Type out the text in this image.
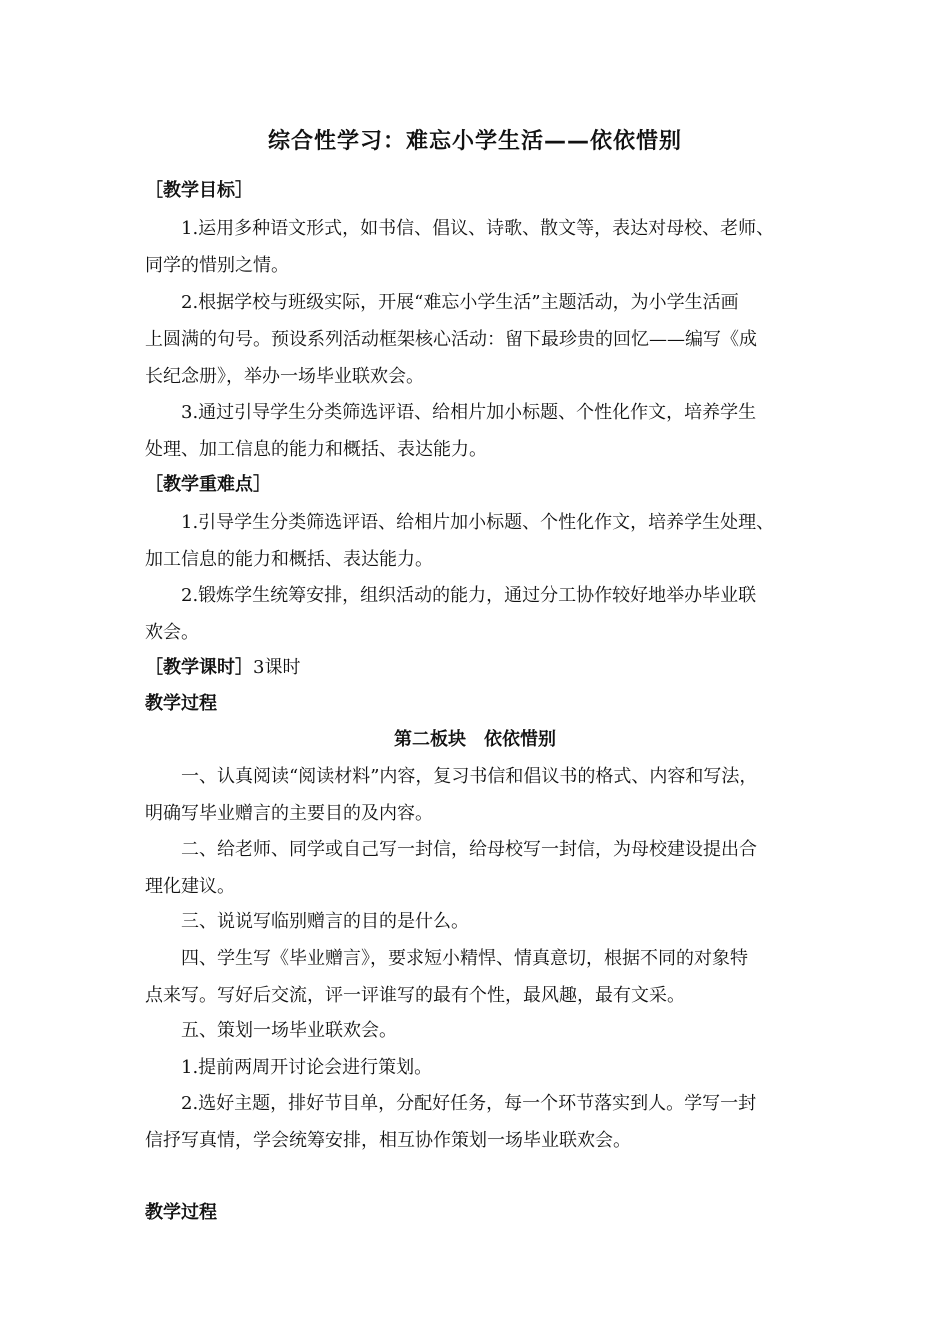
综合性学习：难忘小学生活——依依惜别
［教学目标］
1.运用多种语文形式，如书信、倡议、诗歌、散文等，表达对母校、老师、
同学的惜别之情。
2.根据学校与班级实际，开展“难忘小学生活”主题活动，为小学生活画
上圆满的句号。预设系列活动框架核心活动：留下最珍贵的回忆——编写《成
长纪念册》，举办一场毕业联欢会。
3.通过引导学生分类筛选评语、给相片加小标题、个性化作文，培养学生
处理、加工信息的能力和概括、表达能力。
［教学重难点］
1.引导学生分类筛选评语、给相片加小标题、个性化作文，培养学生处理、
加工信息的能力和概括、表达能力。
2.锻炼学生统筹安排，组织活动的能力，通过分工协作较好地举办毕业联
欢会。
［教学课时］3课时
教学过程
第二板块　依依惜别
一、认真阅读“阅读材料”内容，复习书信和倡议书的格式、内容和写法，
明确写毕业赠言的主要目的及内容。
二、给老师、同学或自己写一封信，给母校写一封信，为母校建设提出合
理化建议。
三、说说写临别赠言的目的是什么。
四、学生写《毕业赠言》，要求短小精悍、情真意切，根据不同的对象特
点来写。写好后交流，评一评谁写的最有个性，最风趣，最有文采。
五、策划一场毕业联欢会。
1.提前两周开讨论会进行策划。
2.选好主题，排好节目单，分配好任务，每一个环节落实到人。学写一封
信抒写真情，学会统筹安排，相互协作策划一场毕业联欢会。
教学过程
